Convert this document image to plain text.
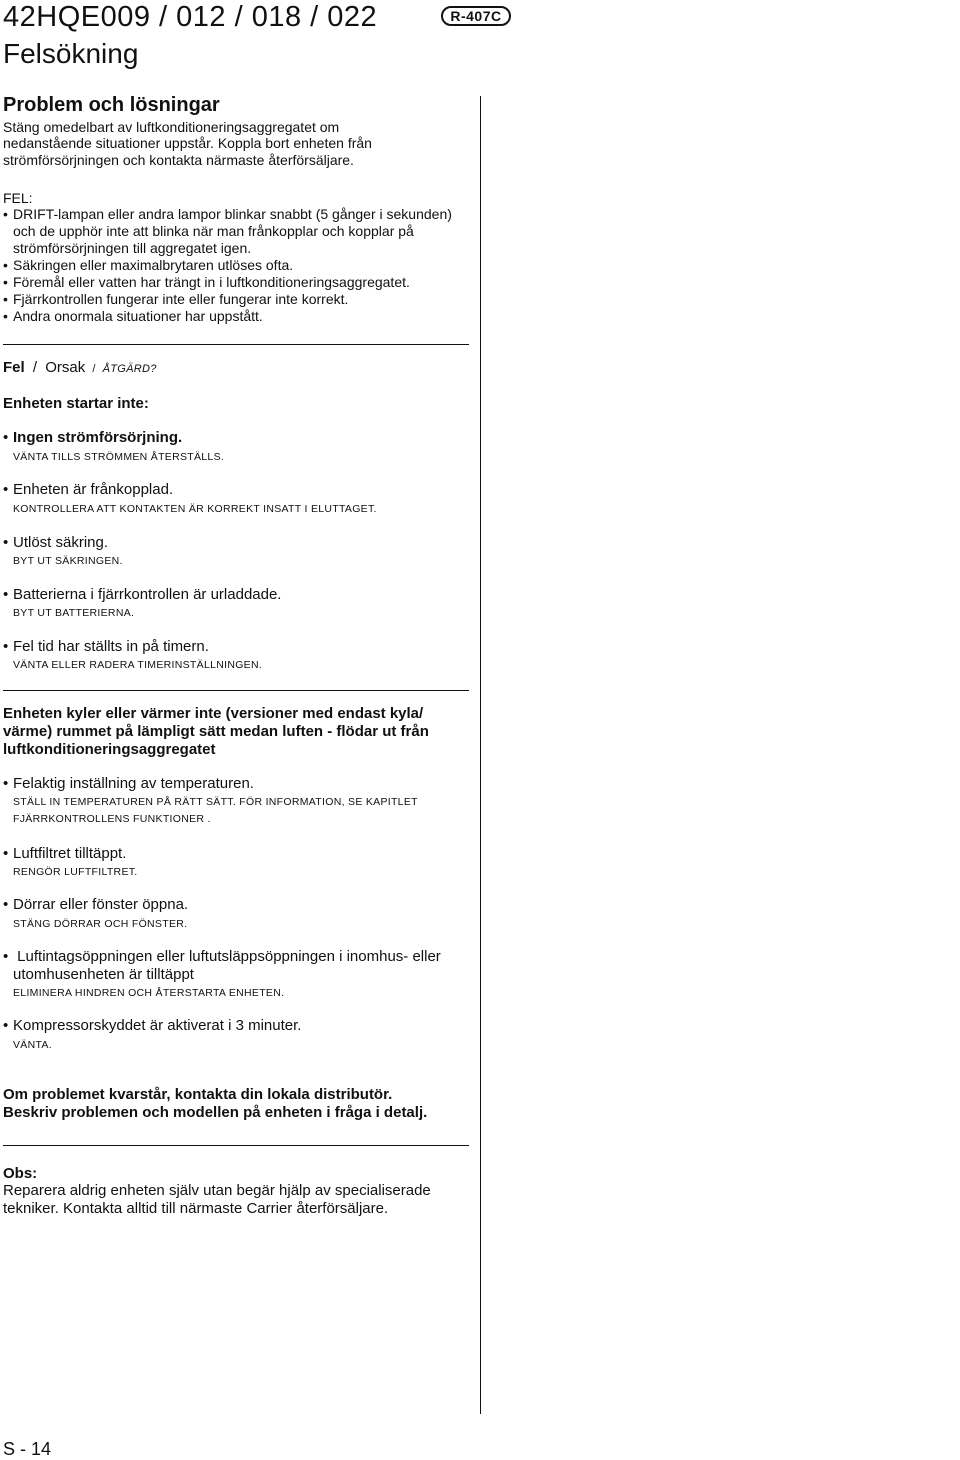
42HQE009 / 012 / 018 / 022	R-407C
Felsökning
Problem och lösningar
Stäng omedelbart av luftkonditioneringsaggregatet om
nedanstående situationer uppstår. Koppla bort enheten från
strömförsörjningen och kontakta närmaste återförsäljare.
FEL:
• DRIFT-lampan eller andra lampor blinkar snabbt (5 gånger i sekunden) och de upphör inte att blinka när man frånkopplar och kopplar på strömförsörjningen till aggregatet igen.
• Säkringen eller maximalbrytaren utlöses ofta.
• Föremål eller vatten har trängt in i luftkonditioneringsaggregatet.
• Fjärrkontrollen fungerar inte eller fungerar inte korrekt.
• Andra onormala situationer har uppstått.
Fel / Orsak / ÅTGÄRD?
Enheten startar inte:
• Ingen strömförsörjning.
VÄNTA TILLS STRÖMMEN ÅTERSTÄLLS.
• Enheten är frånkopplad.
KONTROLLERA ATT KONTAKTEN ÄR KORREKT INSATT I ELUTTAGET.
• Utlöst säkring.
BYT UT SÄKRINGEN.
• Batterierna i fjärrkontrollen är urladdade.
BYT UT BATTERIERNA.
• Fel tid har ställts in på timern.
VÄNTA ELLER RADERA TIMERINSTÄLLNINGEN.
Enheten kyler eller värmer inte (versioner med endast kyla/
värme) rummet på lämpligt sätt medan luften - flödar ut från
luftkonditioneringsaggregatet
• Felaktig inställning av temperaturen.
STÄLL IN TEMPERATUREN PÅ RÄTT SÄTT. FÖR INFORMATION, SE KAPITLET
FJÄRRKONTROLLENS FUNKTIONER .
• Luftfiltret tilltäppt.
RENGÖR LUFTFILTRET.
• Dörrar eller fönster öppna.
STÄNG DÖRRAR OCH FÖNSTER.
• Luftintagsöppningen eller luftutsläppsöppningen i inomhus- eller
utomhusenheten är tilltäppt
ELIMINERA HINDREN OCH ÅTERSTARTA ENHETEN.
• Kompressorskyddet är aktiverat i 3 minuter.
VÄNTA.
Om problemet kvarstår, kontakta din lokala distributör.
Beskriv problemen och modellen på enheten i fråga i detalj.
Obs:
Reparera aldrig enheten själv utan begär hjälp av specialiserade
tekniker. Kontakta alltid till närmaste Carrier återförsäljare.
S - 14
